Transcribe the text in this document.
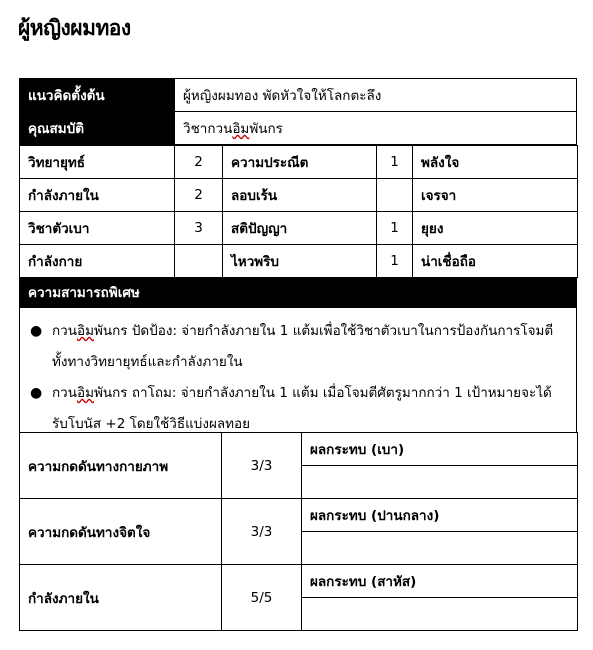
ผู้หญิงผมทอง
แนวคิดตั้งต้น	ผู้หญิงผมทอง พัดหัวใจให้โลกตะลึง
คุณสมบัติ	วิชากวนอิมพันกร
วิทยายุทธ์	2	ความประณีต	1	พลังใจ
กำลังภายใน	2	ลอบเร้น		เจรจา
วิชาตัวเบา	3	สติปัญญา	1	ยุยง
กำลังกาย		ไหวพริบ	1	น่าเชื่อถือ
ความสามารถพิเศษ
● กวนอิมพันกร ปัดป้อง: จ่ายกำลังภายใน 1 แต้มเพื่อใช้วิชาตัวเบาในการป้องกันการโจมตีทั้งทางวิทยายุทธ์และกำลังภายใน
● กวนอิมพันกร ถาโถม: จ่ายกำลังภายใน 1 แต้ม เมื่อโจมตีศัตรูมากกว่า 1 เป้าหมายจะได้รับโบนัส +2 โดยใช้วิธีแบ่งผลทอย
ความกดดันทางกายภาพ	3/3	ผลกระทบ (เบา)

ความกดดันทางจิตใจ	3/3	ผลกระทบ (ปานกลาง)

กำลังภายใน	5/5	ผลกระทบ (สาหัส)
